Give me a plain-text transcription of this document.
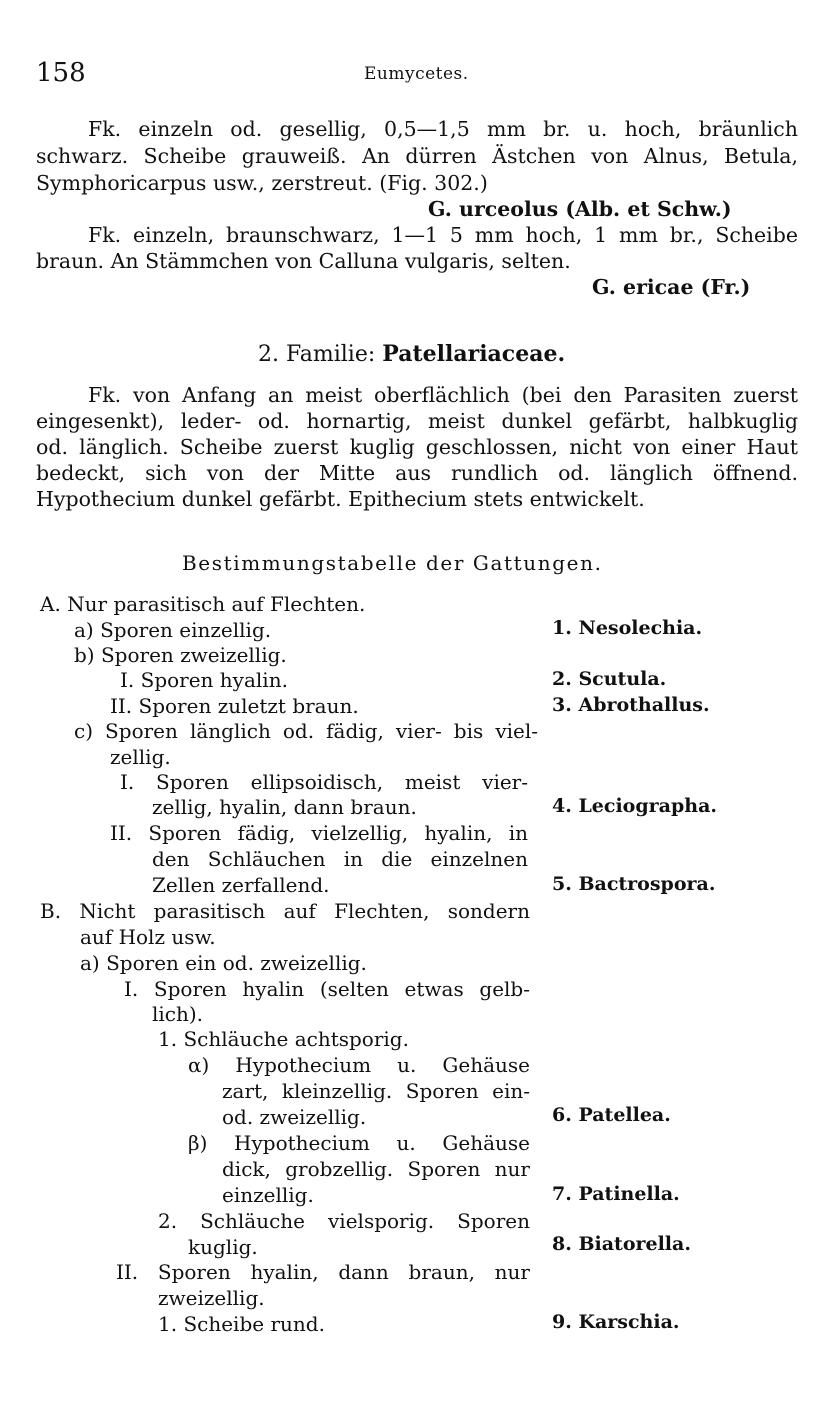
158	Eumycetes.
Fk. einzeln od. gesellig, 0,5—1,5 mm br. u. hoch, bräunlich
schwarz. Scheibe grauweiß. An dürren Ästchen von Alnus, Betula,
Symphoricarpus usw., zerstreut. (Fig. 302.)
G. urceolus (Alb. et Schw.)
Fk. einzeln, braunschwarz, 1—1 5 mm hoch, 1 mm br., Scheibe
braun. An Stämmchen von Calluna vulgaris, selten.
G. ericae (Fr.)
2. Familie: Patellariaceae.
Fk. von Anfang an meist oberflächlich (bei den Parasiten zuerst
eingesenkt), leder- od. hornartig, meist dunkel gefärbt, halbkuglig
od. länglich. Scheibe zuerst kuglig geschlossen, nicht von einer Haut
bedeckt, sich von der Mitte aus rundlich od. länglich öffnend.
Hypothecium dunkel gefärbt. Epithecium stets entwickelt.
Bestimmungstabelle der Gattungen.
A. Nur parasitisch auf Flechten.
a) Sporen einzellig.
b) Sporen zweizellig.
I. Sporen hyalin.
II. Sporen zuletzt braun.
c) Sporen länglich od. fädig, vier- bis viel-
zellig.
I. Sporen ellipsoidisch, meist vier-
zellig, hyalin, dann braun.
II. Sporen fädig, vielzellig, hyalin, in
den Schläuchen in die einzelnen
Zellen zerfallend.
B. Nicht parasitisch auf Flechten, sondern
auf Holz usw.
a) Sporen ein od. zweizellig.
I. Sporen hyalin (selten etwas gelb-
lich).
1. Schläuche achtsporig.
α) Hypothecium u. Gehäuse
zart, kleinzellig. Sporen ein-
od. zweizellig.
β) Hypothecium u. Gehäuse
dick, grobzellig. Sporen nur
einzellig.
2. Schläuche vielsporig. Sporen
kuglig.
II. Sporen hyalin, dann braun, nur
zweizellig.
1. Scheibe rund.
1. Nesolechia.
2. Scutula.
3. Abrothallus.
4. Leciographa.
5. Bactrospora.
6. Patellea.
7. Patinella.
8. Biatorella.
9. Karschia.
